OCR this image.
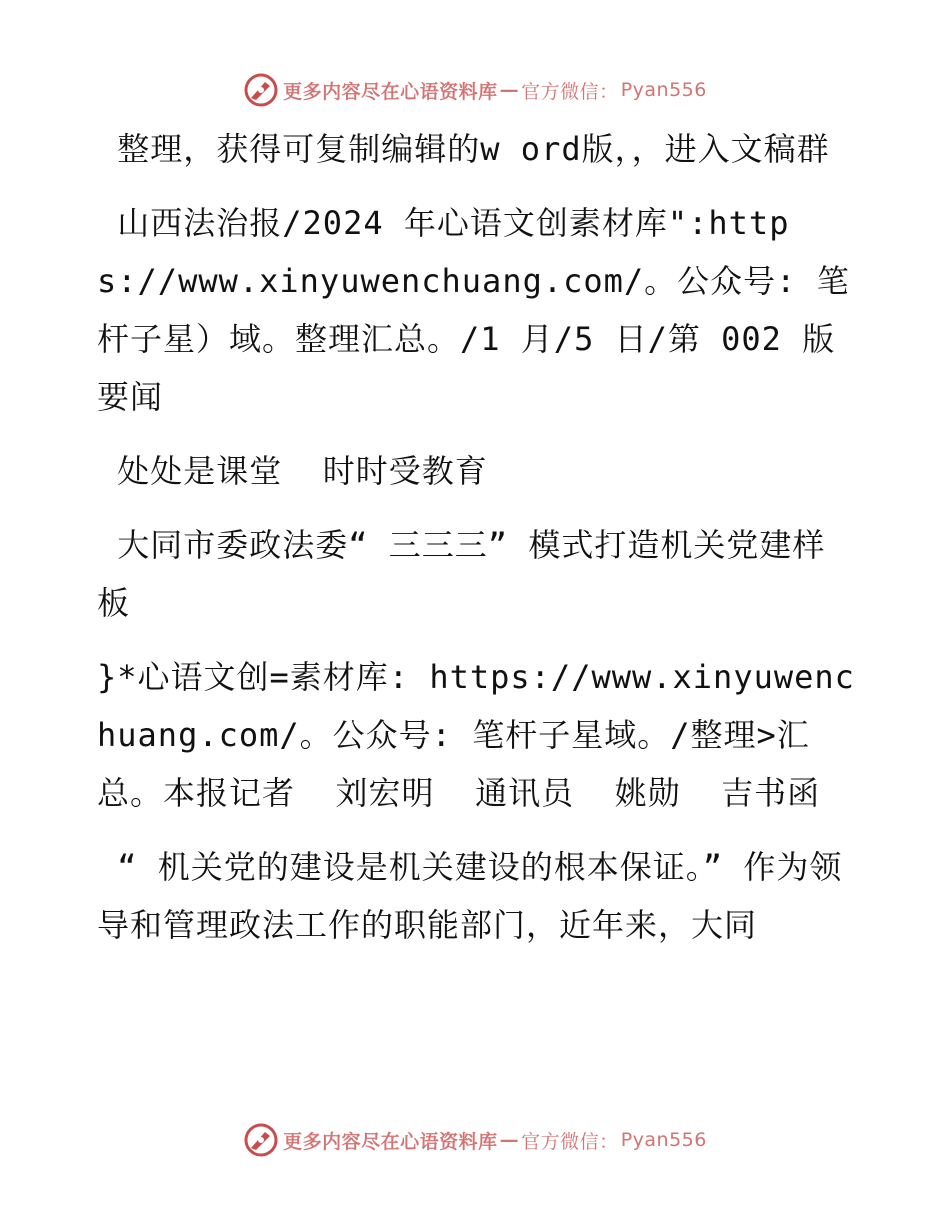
更多内容尽在心语资料库 — 官方微信： Pyan556

整理，获得可复制编辑的w ord版，，进入文稿群

山西法治报/2024 年心语文创素材库":https://www.xinyuwenchuang.com/。公众号: 笔杆子星）域。整理汇总。/1 月/5 日/第 002 版要闻

处处是课堂  时时受教育

大同市委政法委“ 三三三” 模式打造机关党建样板

}*心语文创=素材库: https://www.xinyuwenchuang.com/。公众号: 笔杆子星域。/整理>汇总。本报记者  刘宏明  通讯员  姚勋  吉书函

“ 机关党的建设是机关建设的根本保证。” 作为领导和管理政法工作的职能部门，近年来，大同

更多内容尽在心语资料库 — 官方微信： Pyan556
